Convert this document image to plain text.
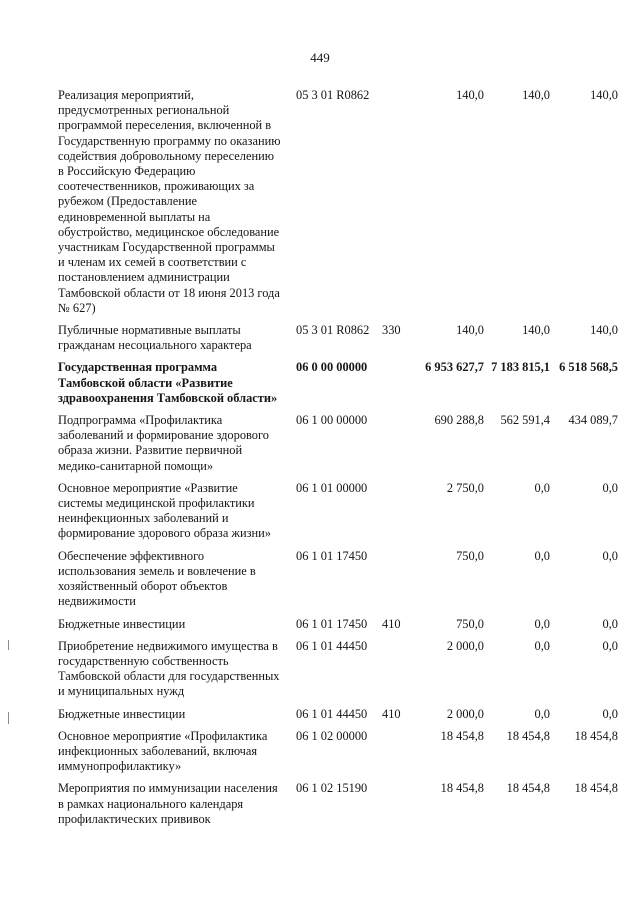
449
Реализация мероприятий, предусмотренных региональной программой переселения, включенной в Государственную программу по оказанию содействия добровольному переселению в Российскую Федерацию соотечественников, проживающих за рубежом (Предоставление единовременной выплаты на обустройство, медицинское обследование участникам Государственной программы и членам их семей в соответствии с постановлением администрации Тамбовской области от 18 июня 2013 года № 627)	05 3 01 R0862		140,0	140,0	140,0
Публичные нормативные выплаты гражданам несоциального характера	05 3 01 R0862	330	140,0	140,0	140,0
Государственная программа Тамбовской области «Развитие здравоохранения Тамбовской области»	06 0 00 00000		6 953 627,7	7 183 815,1	6 518 568,5
Подпрограмма «Профилактика заболеваний и формирование здорового образа жизни. Развитие первичной медико-санитарной помощи»	06 1 00 00000		690 288,8	562 591,4	434 089,7
Основное мероприятие «Развитие системы медицинской профилактики неинфекционных заболеваний и формирование здорового образа жизни»	06 1 01 00000		2 750,0	0,0	0,0
Обеспечение эффективного использования земель и вовлечение в хозяйственный оборот объектов недвижимости	06 1 01 17450		750,0	0,0	0,0
Бюджетные инвестиции	06 1 01 17450	410	750,0	0,0	0,0
Приобретение недвижимого имущества в государственную собственность Тамбовской области для государственных и муниципальных нужд	06 1 01 44450		2 000,0	0,0	0,0
Бюджетные инвестиции	06 1 01 44450	410	2 000,0	0,0	0,0
Основное мероприятие «Профилактика инфекционных заболеваний, включая иммунопрофилактику»	06 1 02 00000		18 454,8	18 454,8	18 454,8
Мероприятия по иммунизации населения в рамках национального календаря профилактических прививок	06 1 02 15190		18 454,8	18 454,8	18 454,8
